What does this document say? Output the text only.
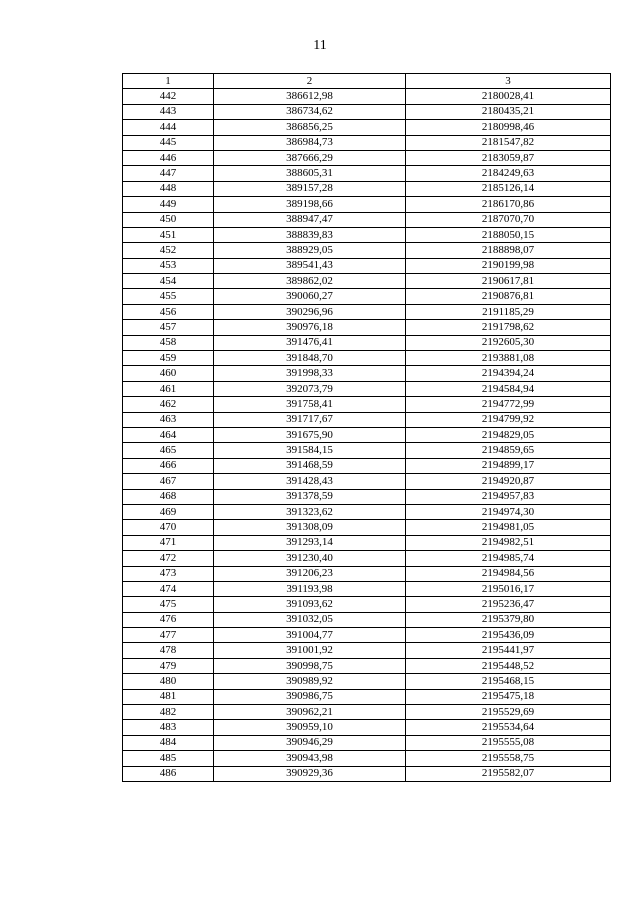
11
1	2	3
442	386612,98	2180028,41
443	386734,62	2180435,21
444	386856,25	2180998,46
445	386984,73	2181547,82
446	387666,29	2183059,87
447	388605,31	2184249,63
448	389157,28	2185126,14
449	389198,66	2186170,86
450	388947,47	2187070,70
451	388839,83	2188050,15
452	388929,05	2188898,07
453	389541,43	2190199,98
454	389862,02	2190617,81
455	390060,27	2190876,81
456	390296,96	2191185,29
457	390976,18	2191798,62
458	391476,41	2192605,30
459	391848,70	2193881,08
460	391998,33	2194394,24
461	392073,79	2194584,94
462	391758,41	2194772,99
463	391717,67	2194799,92
464	391675,90	2194829,05
465	391584,15	2194859,65
466	391468,59	2194899,17
467	391428,43	2194920,87
468	391378,59	2194957,83
469	391323,62	2194974,30
470	391308,09	2194981,05
471	391293,14	2194982,51
472	391230,40	2194985,74
473	391206,23	2194984,56
474	391193,98	2195016,17
475	391093,62	2195236,47
476	391032,05	2195379,80
477	391004,77	2195436,09
478	391001,92	2195441,97
479	390998,75	2195448,52
480	390989,92	2195468,15
481	390986,75	2195475,18
482	390962,21	2195529,69
483	390959,10	2195534,64
484	390946,29	2195555,08
485	390943,98	2195558,75
486	390929,36	2195582,07
